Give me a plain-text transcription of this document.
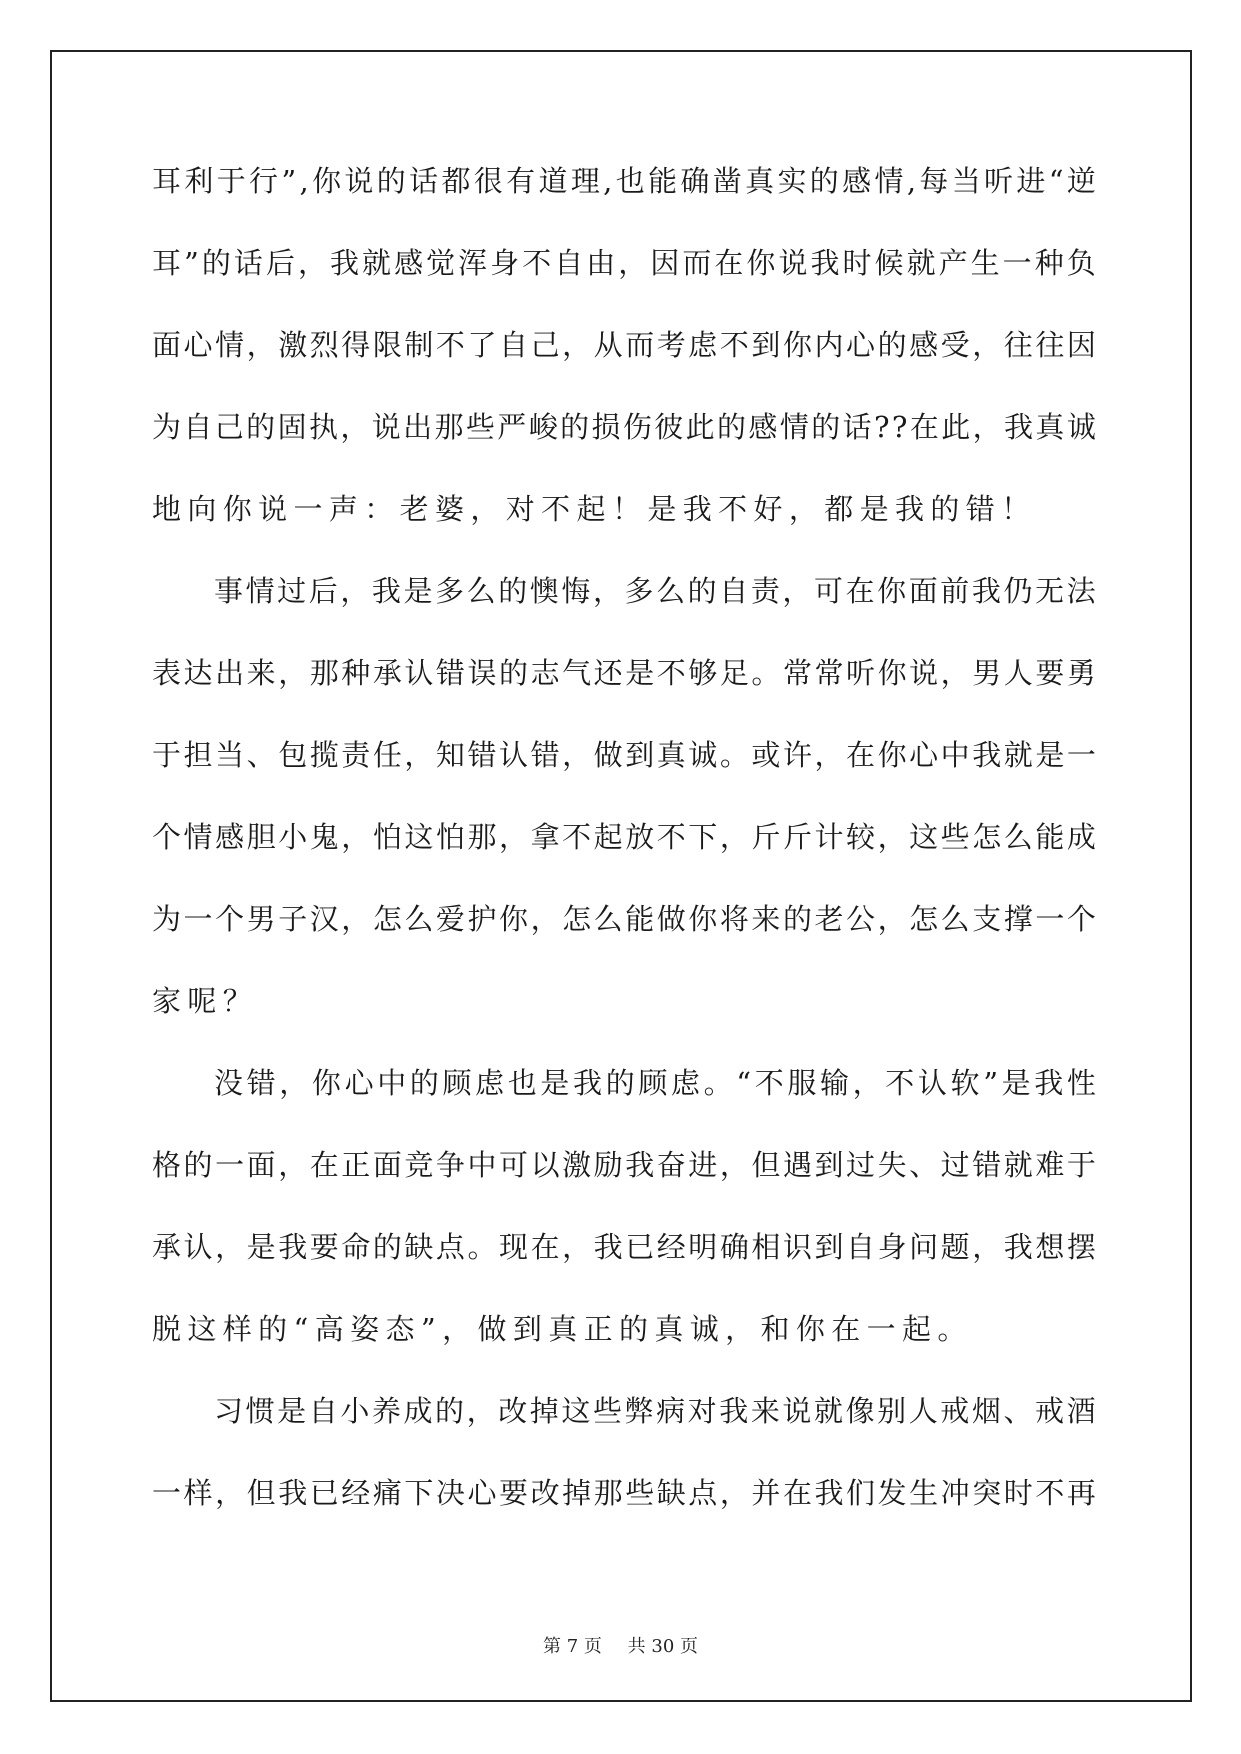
耳 利 于 行 ” , 你 说 的 话 都 很 有 道 理 , 也 能 确 凿 真 实 的 感 情 , 每 当 听 进 “ 逆
耳 ” 的 话 后 ， 我 就 感 觉 浑 身 不 自 由 ， 因 而 在 你 说 我 时 候 就 产 生 一 种 负
面 心 情 ， 激 烈 得 限 制 不 了 自 己 ， 从 而 考 虑 不 到 你 内 心 的 感 受 ， 往 往 因
为 自 己 的 固 执 ， 说 出 那 些 严 峻 的 损 伤 彼 此 的 感 情 的 话 ? ? 在 此 ， 我 真 诚
地向你说一声：老婆，对不起！是我不好，都是我的错！
事 情 过 后 ， 我 是 多 么 的 懊 悔 ， 多 么 的 自 责 ， 可 在 你 面 前 我 仍 无 法
表 达 出 来 ， 那 种 承 认 错 误 的 志 气 还 是 不 够 足 。 常 常 听 你 说 ， 男 人 要 勇
于 担 当 、 包 揽 责 任 ， 知 错 认 错 ， 做 到 真 诚 。 或 许 ， 在 你 心 中 我 就 是 一
个 情 感 胆 小 鬼 ， 怕 这 怕 那 ， 拿 不 起 放 不 下 ， 斤 斤 计 较 ， 这 些 怎 么 能 成
为 一 个 男 子 汉 ， 怎 么 爱 护 你 ， 怎 么 能 做 你 将 来 的 老 公 ， 怎 么 支 撑 一 个
家呢？
没 错 ， 你 心 中 的 顾 虑 也 是 我 的 顾 虑 。 “ 不 服 输 ， 不 认 软 ” 是 我 性
格 的 一 面 ， 在 正 面 竞 争 中 可 以 激 励 我 奋 进 ， 但 遇 到 过 失 、 过 错 就 难 于
承 认 ， 是 我 要 命 的 缺 点 。 现 在 ， 我 已 经 明 确 相 识 到 自 身 问 题 ， 我 想 摆
脱这样的“高姿态”，做到真正的真诚，和你在一起。
习 惯 是 自 小 养 成 的 ， 改 掉 这 些 弊 病 对 我 来 说 就 像 别 人 戒 烟 、 戒 酒
一 样 ， 但 我 已 经 痛 下 决 心 要 改 掉 那 些 缺 点 ， 并 在 我 们 发 生 冲 突 时 不 再
第 7 页 共 30 页
